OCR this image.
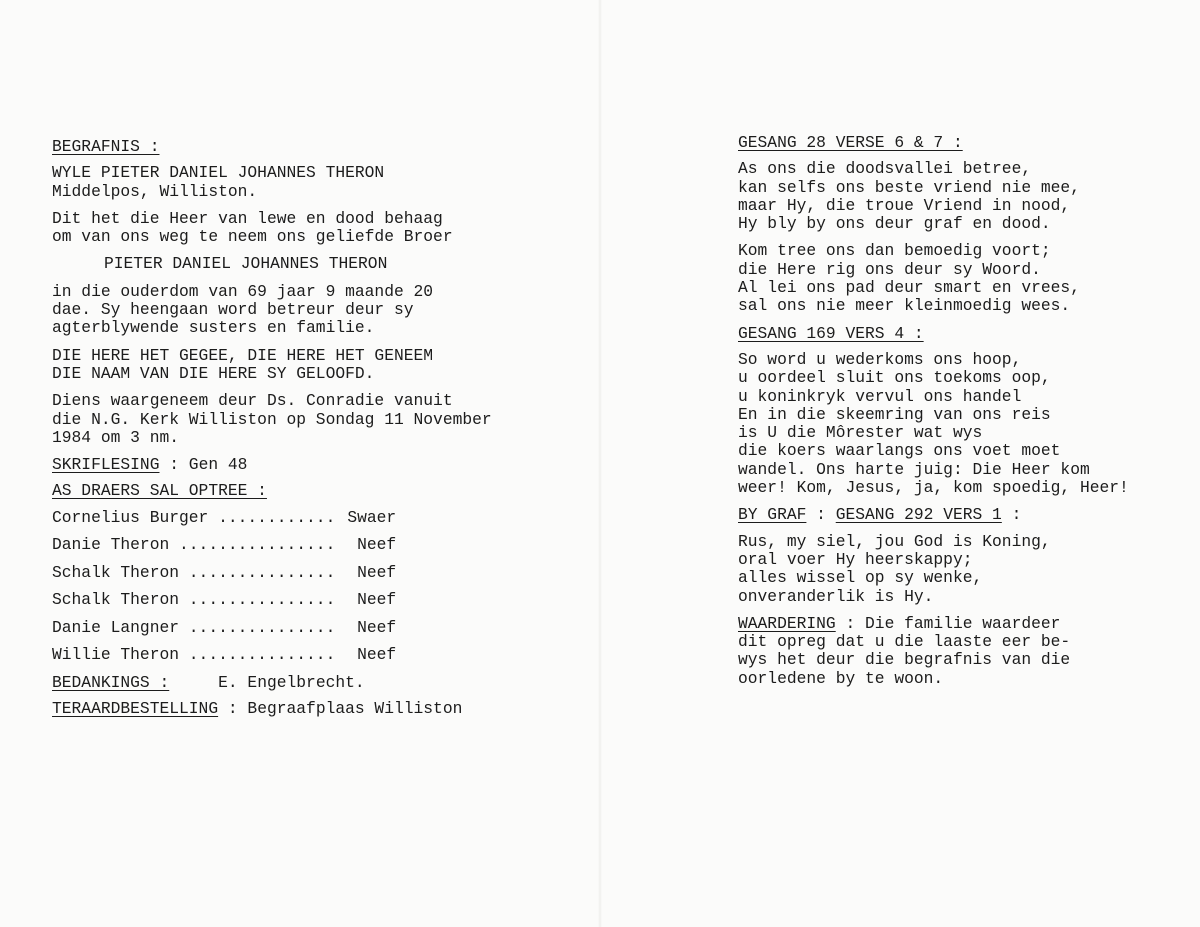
BEGRAFNIS :
WYLE PIETER DANIEL JOHANNES THERON
Middelpos, Williston.
Dit het die Heer van lewe en dood behaag
om van ons weg te neem ons geliefde Broer
PIETER DANIEL JOHANNES THERON
in die ouderdom van 69 jaar 9 maande 20
dae. Sy heengaan word betreur deur sy
agterblywende susters en familie.
DIE HERE HET GEGEE, DIE HERE HET GENEEM
DIE NAAM VAN DIE HERE SY GELOOFD.
Diens waargeneem deur Ds. Conradie vanuit
die N.G. Kerk Williston op Sondag 11 November
1984 om 3 nm.
SKRIFLESING : Gen 48
AS DRAERS SAL OPTREE :
Cornelius Burger ............ Swaer
Danie Theron ................ Neef
Schalk Theron ............... Neef
Schalk Theron ............... Neef
Danie Langner ............... Neef
Willie Theron ............... Neef
BEDANKINGS :	E. Engelbrecht.
TERAARDBESTELLING : Begraafplaas Williston
GESANG 28 VERSE 6 & 7 :
As ons die doodsvallei betree,
kan selfs ons beste vriend nie mee,
maar Hy, die troue Vriend in nood,
Hy bly by ons deur graf en dood.
Kom tree ons dan bemoedig voort;
die Here rig ons deur sy Woord.
Al lei ons pad deur smart en vrees,
sal ons nie meer kleinmoedig wees.
GESANG 169 VERS 4 :
So word u wederkoms ons hoop,
u oordeel sluit ons toekoms oop,
u koninkryk vervul ons handel
En in die skeemring van ons reis
is U die Môrester wat wys
die koers waarlangs ons voet moet
wandel. Ons harte juig: Die Heer kom
weer! Kom, Jesus, ja, kom spoedig, Heer!
BY GRAF : GESANG 292 VERS 1 :
Rus, my siel, jou God is Koning,
oral voer Hy heerskappy;
alles wissel op sy wenke,
onveranderlik is Hy.
WAARDERING : Die familie waardeer
dit opreg dat u die laaste eer be-
wys het deur die begrafnis van die
oorledene by te woon.
